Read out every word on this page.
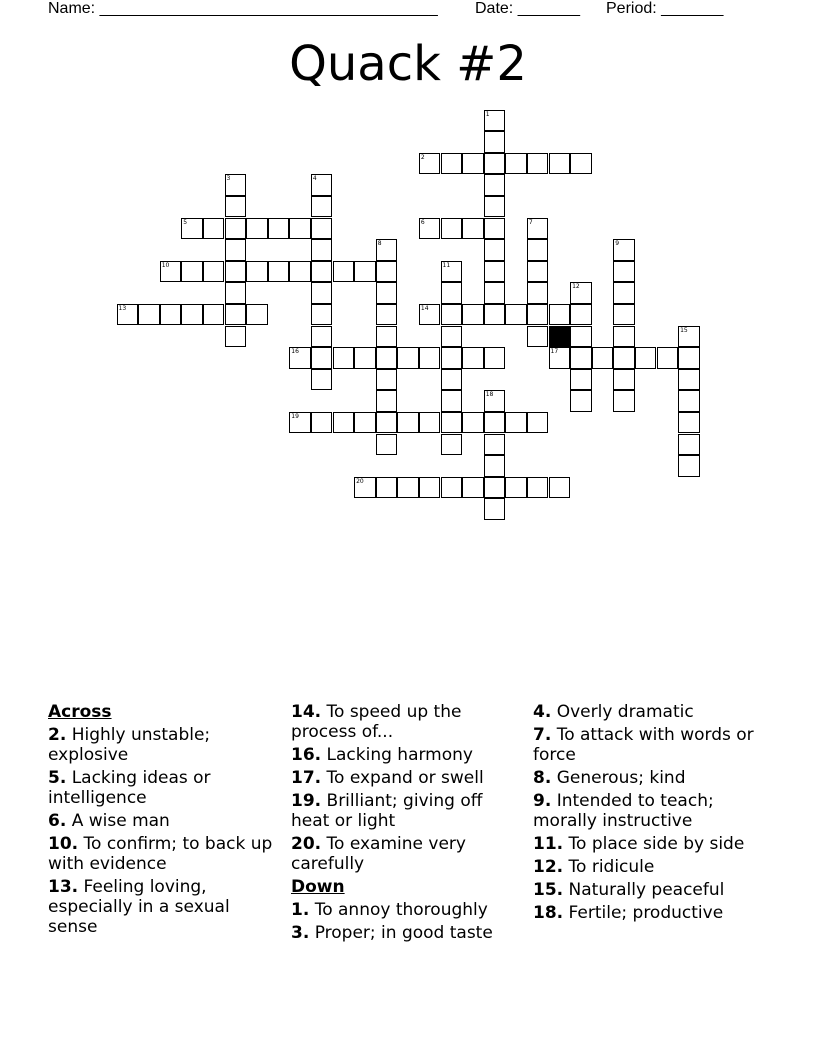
Name: ______________________________________ Date: _______ Period: _______
Quack #2
1
2
3	4
5	6	7
8	9
10	11
12
13	14
15
16	17
18
19
20
Across
2. Highly unstable; explosive
5. Lacking ideas or intelligence
6. A wise man
10. To confirm; to back up with evidence
13. Feeling loving, especially in a sexual sense
14. To speed up the process of...
16. Lacking harmony
17. To expand or swell
19. Brilliant; giving off heat or light
20. To examine very carefully
Down
1. To annoy thoroughly
3. Proper; in good taste
4. Overly dramatic
7. To attack with words or force
8. Generous; kind
9. Intended to teach; morally instructive
11. To place side by side
12. To ridicule
15. Naturally peaceful
18. Fertile; productive
